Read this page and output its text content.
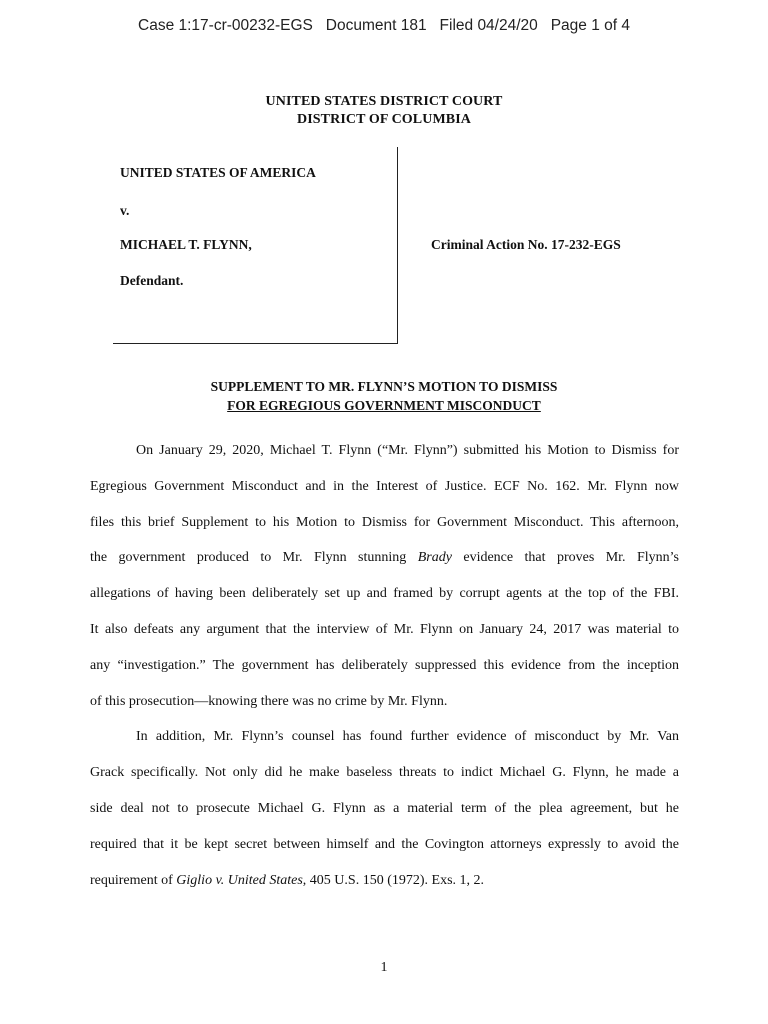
Case 1:17-cr-00232-EGS   Document 181   Filed 04/24/20   Page 1 of 4
UNITED STATES DISTRICT COURT
DISTRICT OF COLUMBIA
UNITED STATES OF AMERICA
v.
MICHAEL T. FLYNN,
Defendant.
Criminal Action No. 17-232-EGS
SUPPLEMENT TO MR. FLYNN’S MOTION TO DISMISS
FOR EGREGIOUS GOVERNMENT MISCONDUCT

On January 29, 2020, Michael T. Flynn (“Mr. Flynn”) submitted his Motion to Dismiss for
Egregious Government Misconduct and in the Interest of Justice. ECF No. 162. Mr. Flynn now
files this brief Supplement to his Motion to Dismiss for Government Misconduct. This afternoon,
the government produced to Mr. Flynn stunning Brady evidence that proves Mr. Flynn’s
allegations of having been deliberately set up and framed by corrupt agents at the top of the FBI.
It also defeats any argument that the interview of Mr. Flynn on January 24, 2017 was material to
any “investigation.” The government has deliberately suppressed this evidence from the inception
of this prosecution—knowing there was no crime by Mr. Flynn.

In addition, Mr. Flynn’s counsel has found further evidence of misconduct by Mr. Van
Grack specifically. Not only did he make baseless threats to indict Michael G. Flynn, he made a
side deal not to prosecute Michael G. Flynn as a material term of the plea agreement, but he
required that it be kept secret between himself and the Covington attorneys expressly to avoid the
requirement of Giglio v. United States, 405 U.S. 150 (1972). Exs. 1, 2.

1
